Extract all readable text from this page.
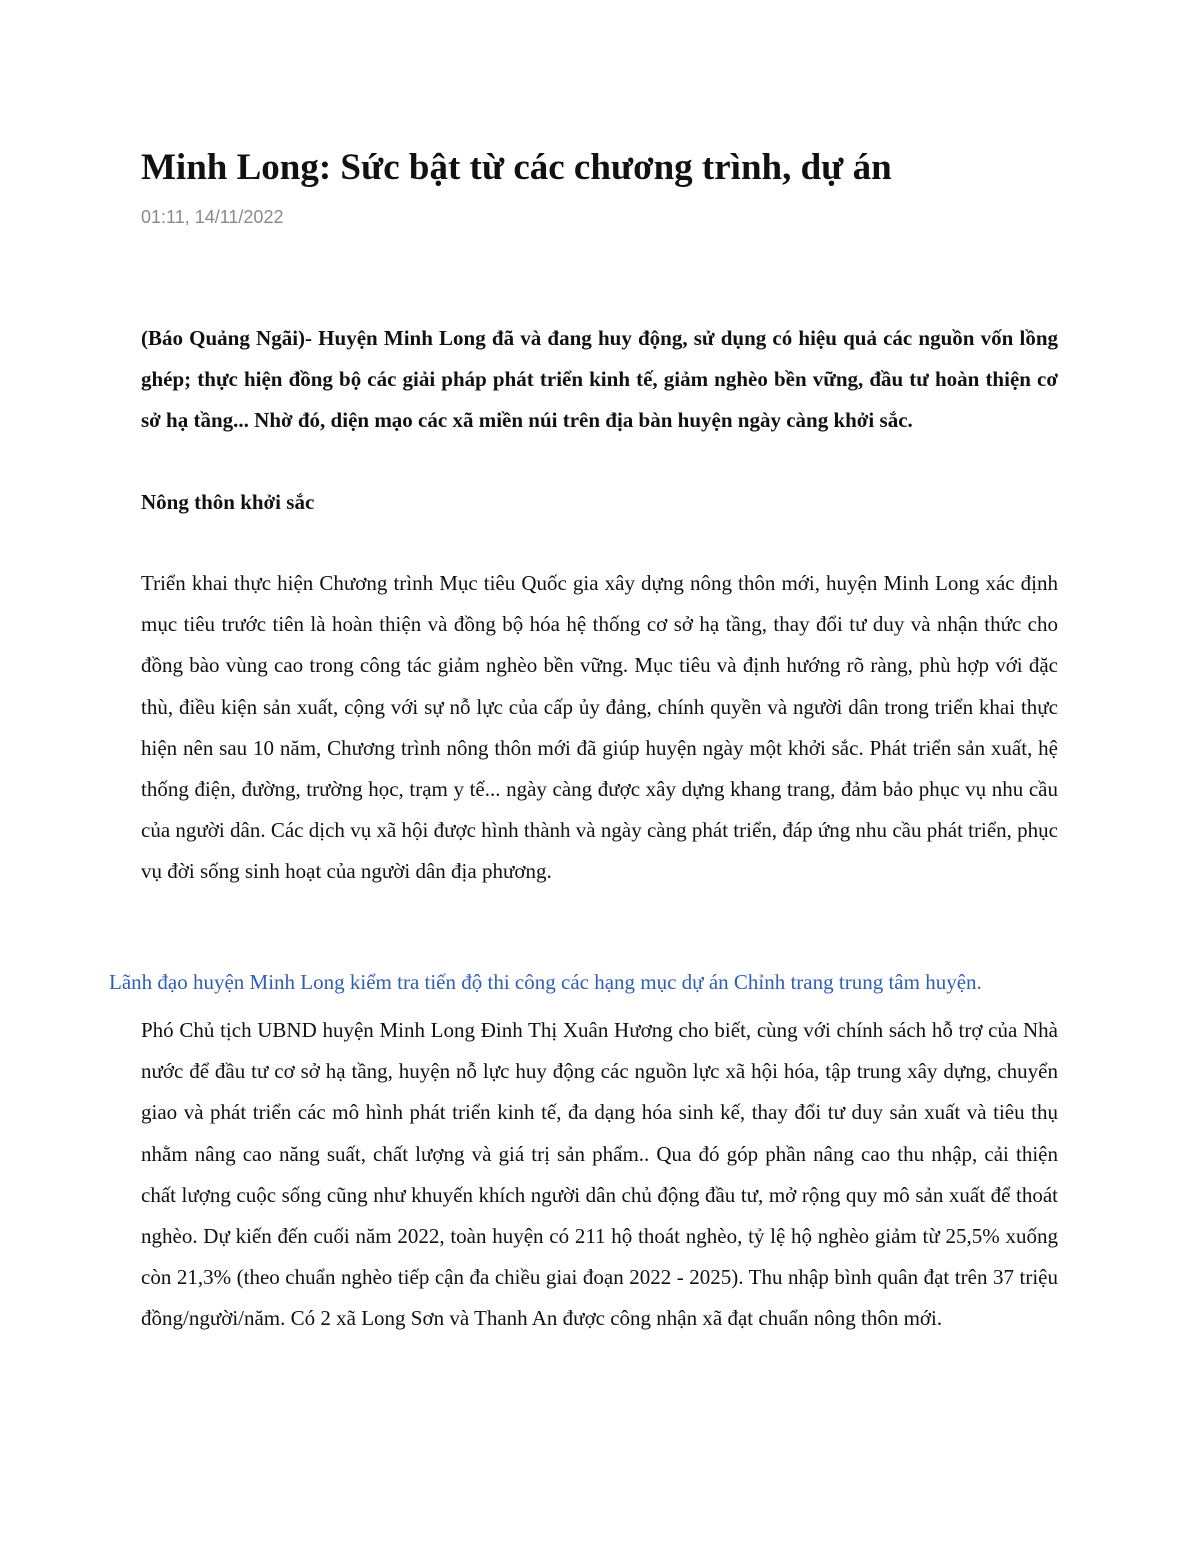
Minh Long: Sức bật từ các chương trình, dự án

01:11, 14/11/2022

(Báo Quảng Ngãi)- Huyện Minh Long đã và đang huy động, sử dụng có hiệu quả các nguồn vốn lồng ghép; thực hiện đồng bộ các giải pháp phát triển kinh tế, giảm nghèo bền vững, đầu tư hoàn thiện cơ sở hạ tầng... Nhờ đó, diện mạo các xã miền núi trên địa bàn huyện ngày càng khởi sắc.

Nông thôn khởi sắc

Triển khai thực hiện Chương trình Mục tiêu Quốc gia xây dựng nông thôn mới, huyện Minh Long xác định mục tiêu trước tiên là hoàn thiện và đồng bộ hóa hệ thống cơ sở hạ tầng, thay đổi tư duy và nhận thức cho đồng bào vùng cao trong công tác giảm nghèo bền vững. Mục tiêu và định hướng rõ ràng, phù hợp với đặc thù, điều kiện sản xuất, cộng với sự nỗ lực của cấp ủy đảng, chính quyền và người dân trong triển khai thực hiện nên sau 10 năm, Chương trình nông thôn mới đã giúp huyện ngày một khởi sắc. Phát triển sản xuất, hệ thống điện, đường, trường học, trạm y tế... ngày càng được xây dựng khang trang, đảm bảo phục vụ nhu cầu của người dân. Các dịch vụ xã hội được hình thành và ngày càng phát triển, đáp ứng nhu cầu phát triển, phục vụ đời sống sinh hoạt của người dân địa phương.

Lãnh đạo huyện Minh Long kiểm tra tiến độ thi công các hạng mục dự án Chỉnh trang trung tâm huyện.

Phó Chủ tịch UBND huyện Minh Long Đinh Thị Xuân Hương cho biết, cùng với chính sách hỗ trợ của Nhà nước để đầu tư cơ sở hạ tầng, huyện nỗ lực huy động các nguồn lực xã hội hóa, tập trung xây dựng, chuyển giao và phát triển các mô hình phát triển kinh tế, đa dạng hóa sinh kế, thay đổi tư duy sản xuất và tiêu thụ nhằm nâng cao năng suất, chất lượng và giá trị sản phẩm.. Qua đó góp phần nâng cao thu nhập, cải thiện chất lượng cuộc sống cũng như khuyến khích người dân chủ động đầu tư, mở rộng quy mô sản xuất để thoát nghèo. Dự kiến đến cuối năm 2022, toàn huyện có 211 hộ thoát nghèo, tỷ lệ hộ nghèo giảm từ 25,5% xuống còn 21,3% (theo chuẩn nghèo tiếp cận đa chiều giai đoạn 2022 - 2025). Thu nhập bình quân đạt trên 37 triệu đồng/người/năm. Có 2 xã Long Sơn và Thanh An được công nhận xã đạt chuẩn nông thôn mới.
